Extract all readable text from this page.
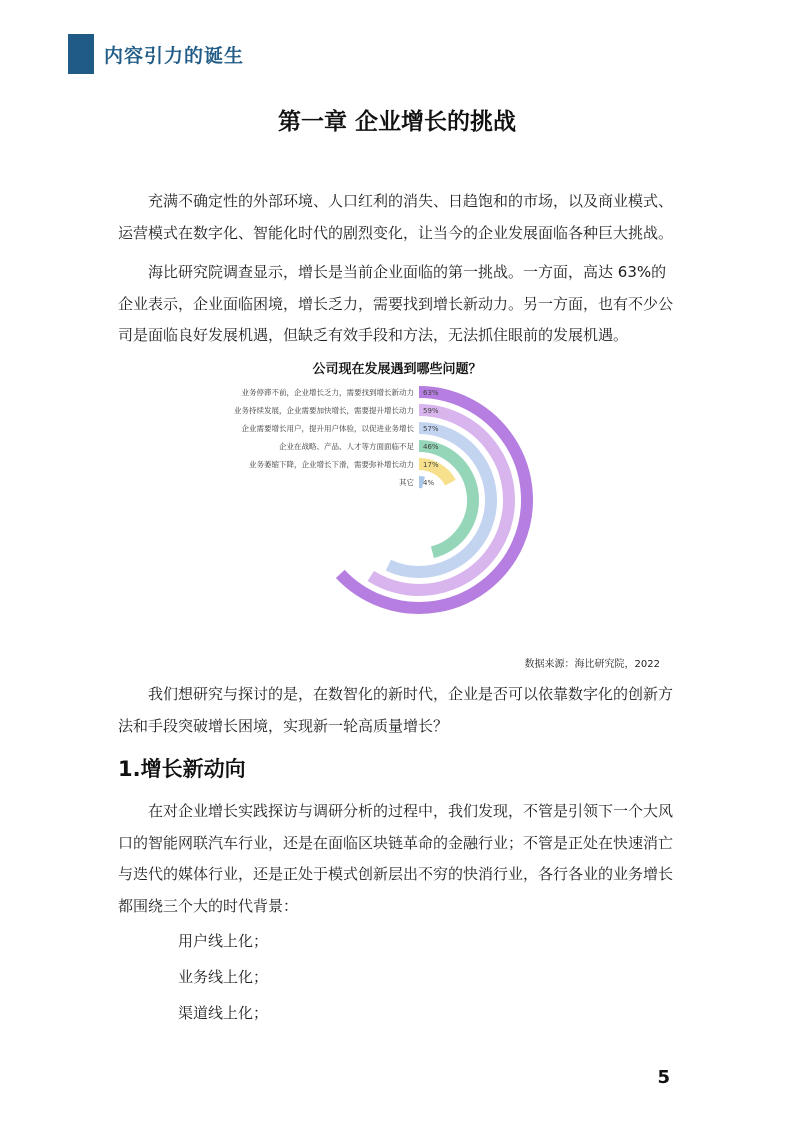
内容引力的诞生
第一章 企业增长的挑战

充满不确定性的外部环境、人口红利的消失、日趋饱和的市场，以及商业模式、运营模式在数字化、智能化时代的剧烈变化，让当今的企业发展面临各种巨大挑战。

海比研究院调查显示，增长是当前企业面临的第一挑战。一方面，高达 63%的企业表示，企业面临困境，增长乏力，需要找到增长新动力。另一方面，也有不少公司是面临良好发展机遇，但缺乏有效手段和方法，无法抓住眼前的发展机遇。

公司现在发展遇到哪些问题？
业务停滞不前，企业增长乏力，需要找到增长新动力 63%
业务持续发展，企业需要加快增长，需要提升增长动力 59%
企业需要增长用户，提升用户体验，以促进业务增长 57%
企业在战略、产品、人才等方面面临不足 46%
业务萎缩下降，企业增长下滑，需要弥补增长动力 17%
其它 4%
数据来源：海比研究院，2022

我们想研究与探讨的是，在数智化的新时代，企业是否可以依靠数字化的创新方法和手段突破增长困境，实现新一轮高质量增长？

1.增长新动向

在对企业增长实践探访与调研分析的过程中，我们发现，不管是引领下一个大风口的智能网联汽车行业，还是在面临区块链革命的金融行业；不管是正处在快速消亡与迭代的媒体行业，还是正处于模式创新层出不穷的快消行业，各行各业的业务增长都围绕三个大的时代背景：

用户线上化；
业务线上化；
渠道线上化；
5
